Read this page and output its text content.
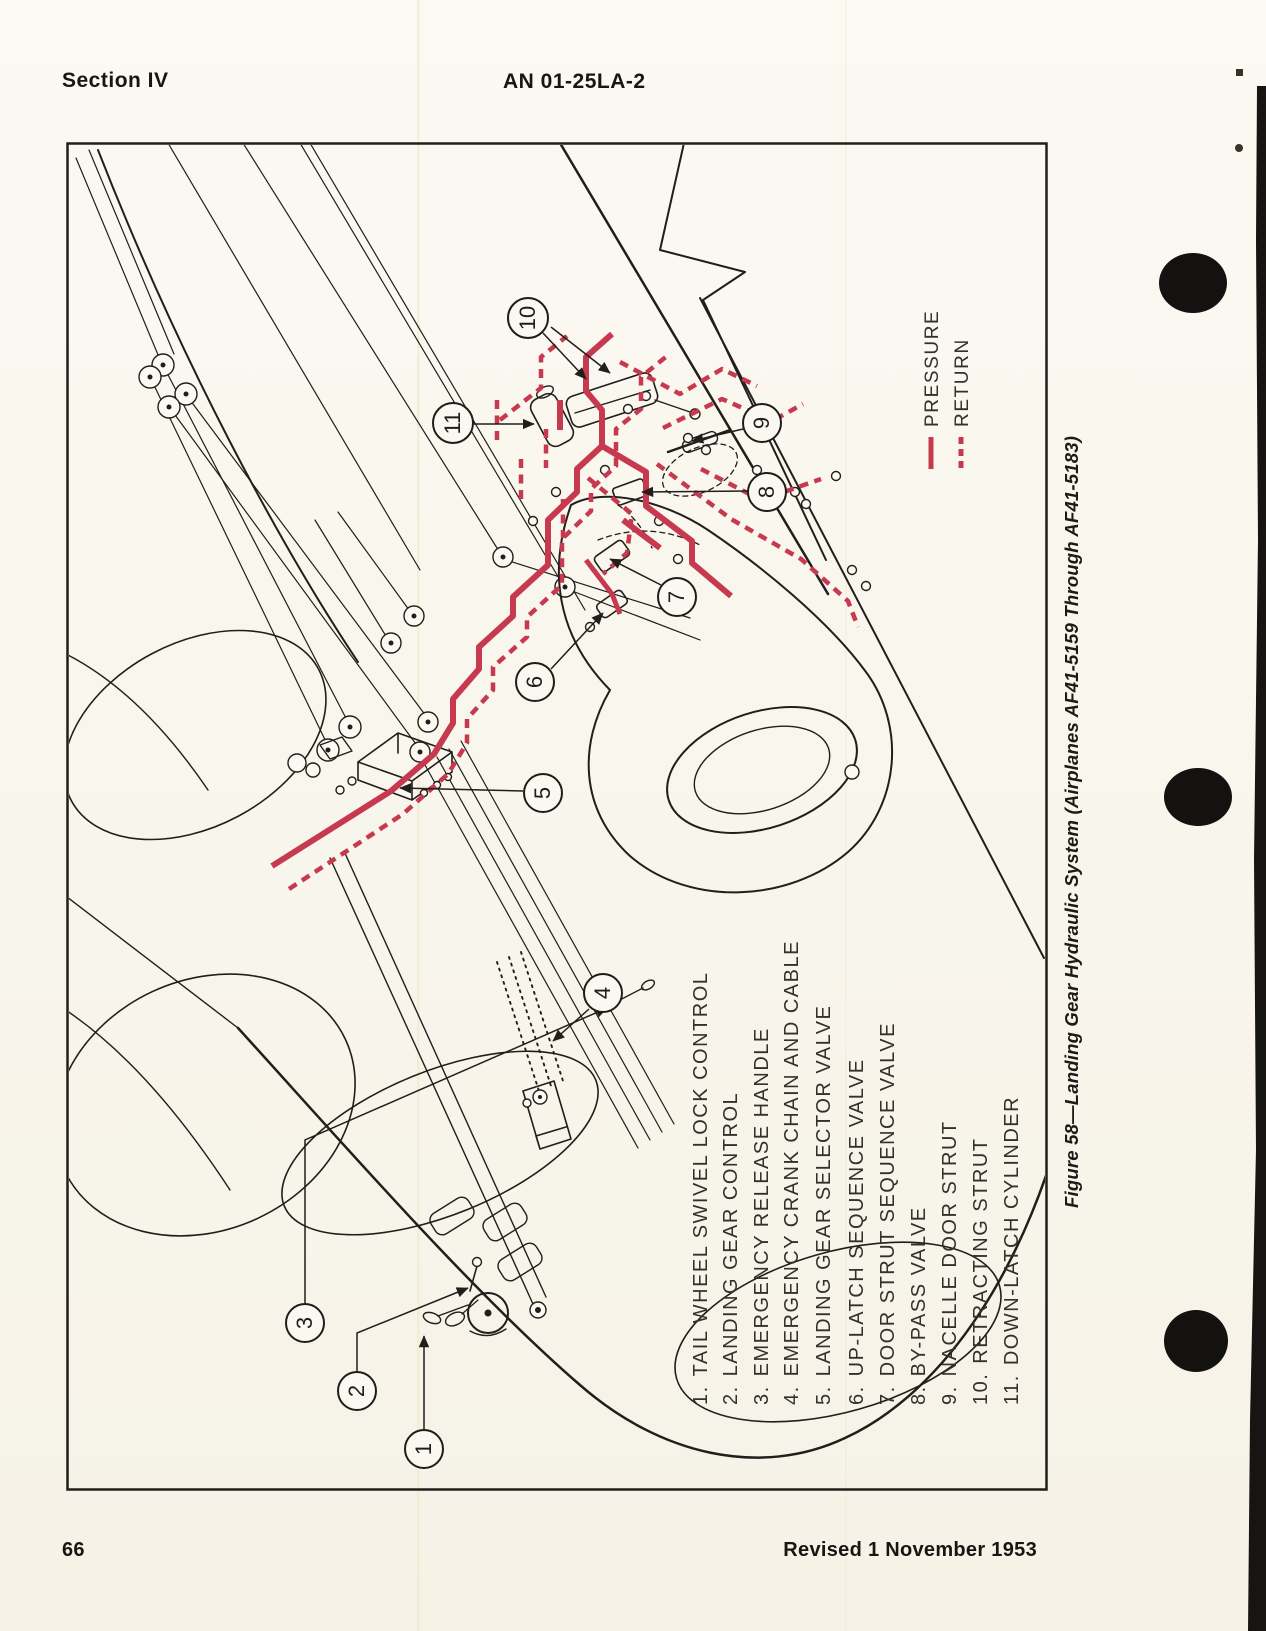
Section IV	AN 01-25LA-2
1
2
3
4
5
6
7
8
9
10
11	PRESSURE RETURN
1.TAIL WHEEL SWIVEL LOCK CONTROL
2.LANDING GEAR CONTROL
3.EMERGENCY RELEASE HANDLE
4.EMERGENCY CRANK CHAIN AND CABLE
5.LANDING GEAR SELECTOR VALVE
6.UP-LATCH SEQUENCE VALVE
7.DOOR STRUT SEQUENCE VALVE
8.BY-PASS VALVE
9.NACELLE DOOR STRUT
10.RETRACTING STRUT
11.DOWN-LATCH CYLINDER
Figure 58—Landing Gear Hydraulic System (Airplanes AF41-5159 Through AF41-5183)
66	Revised 1 November 1953
